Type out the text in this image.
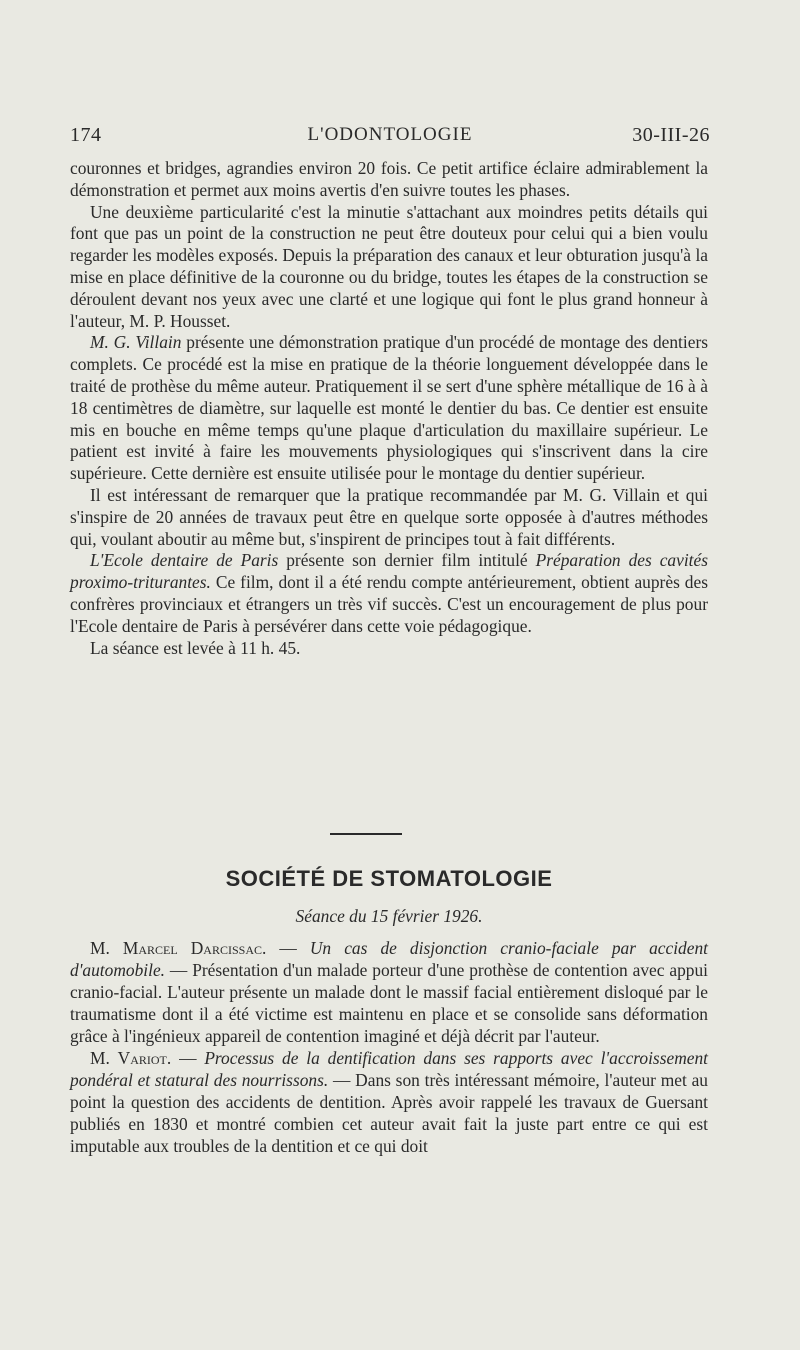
174	L'ODONTOLOGIE	30-III-26

couronnes et bridges, agrandies environ 20 fois. Ce petit artifice éclaire admirablement la démonstration et permet aux moins avertis d'en suivre toutes les phases.

Une deuxième particularité c'est la minutie s'attachant aux moindres petits détails qui font que pas un point de la construction ne peut être douteux pour celui qui a bien voulu regarder les modèles exposés. Depuis la préparation des canaux et leur obturation jusqu'à la mise en place définitive de la couronne ou du bridge, toutes les étapes de la construction se déroulent devant nos yeux avec une clarté et une logique qui font le plus grand honneur à l'auteur, M. P. Housset.

M. G. Villain présente une démonstration pratique d'un procédé de montage des dentiers complets. Ce procédé est la mise en pratique de la théorie longuement développée dans le traité de prothèse du même auteur. Pratiquement il se sert d'une sphère métallique de 16 à à 18 centimètres de diamètre, sur laquelle est monté le dentier du bas. Ce dentier est ensuite mis en bouche en même temps qu'une plaque d'articulation du maxillaire supérieur. Le patient est invité à faire les mouvements physiologiques qui s'inscrivent dans la cire supérieure. Cette dernière est ensuite utilisée pour le montage du dentier supérieur.

Il est intéressant de remarquer que la pratique recommandée par M. G. Villain et qui s'inspire de 20 années de travaux peut être en quelque sorte opposée à d'autres méthodes qui, voulant aboutir au même but, s'inspirent de principes tout à fait différents.

L'Ecole dentaire de Paris présente son dernier film intitulé Préparation des cavités proximo-triturantes. Ce film, dont il a été rendu compte antérieurement, obtient auprès des confrères provinciaux et étrangers un très vif succès. C'est un encouragement de plus pour l'Ecole dentaire de Paris à persévérer dans cette voie pédagogique.

La séance est levée à 11 h. 45.

SOCIÉTÉ DE STOMATOLOGIE
Séance du 15 février 1926.

M. Marcel Darcissac. — Un cas de disjonction cranio-faciale par accident d'automobile. — Présentation d'un malade porteur d'une prothèse de contention avec appui cranio-facial. L'auteur présente un malade dont le massif facial entièrement disloqué par le traumatisme dont il a été victime est maintenu en place et se consolide sans déformation grâce à l'ingénieux appareil de contention imaginé et déjà décrit par l'auteur.

M. Variot. — Processus de la dentification dans ses rapports avec l'accroissement pondéral et statural des nourrissons. — Dans son très intéressant mémoire, l'auteur met au point la question des accidents de dentition. Après avoir rappelé les travaux de Guersant publiés en 1830 et montré combien cet auteur avait fait la juste part entre ce qui est imputable aux troubles de la dentition et ce qui doit
